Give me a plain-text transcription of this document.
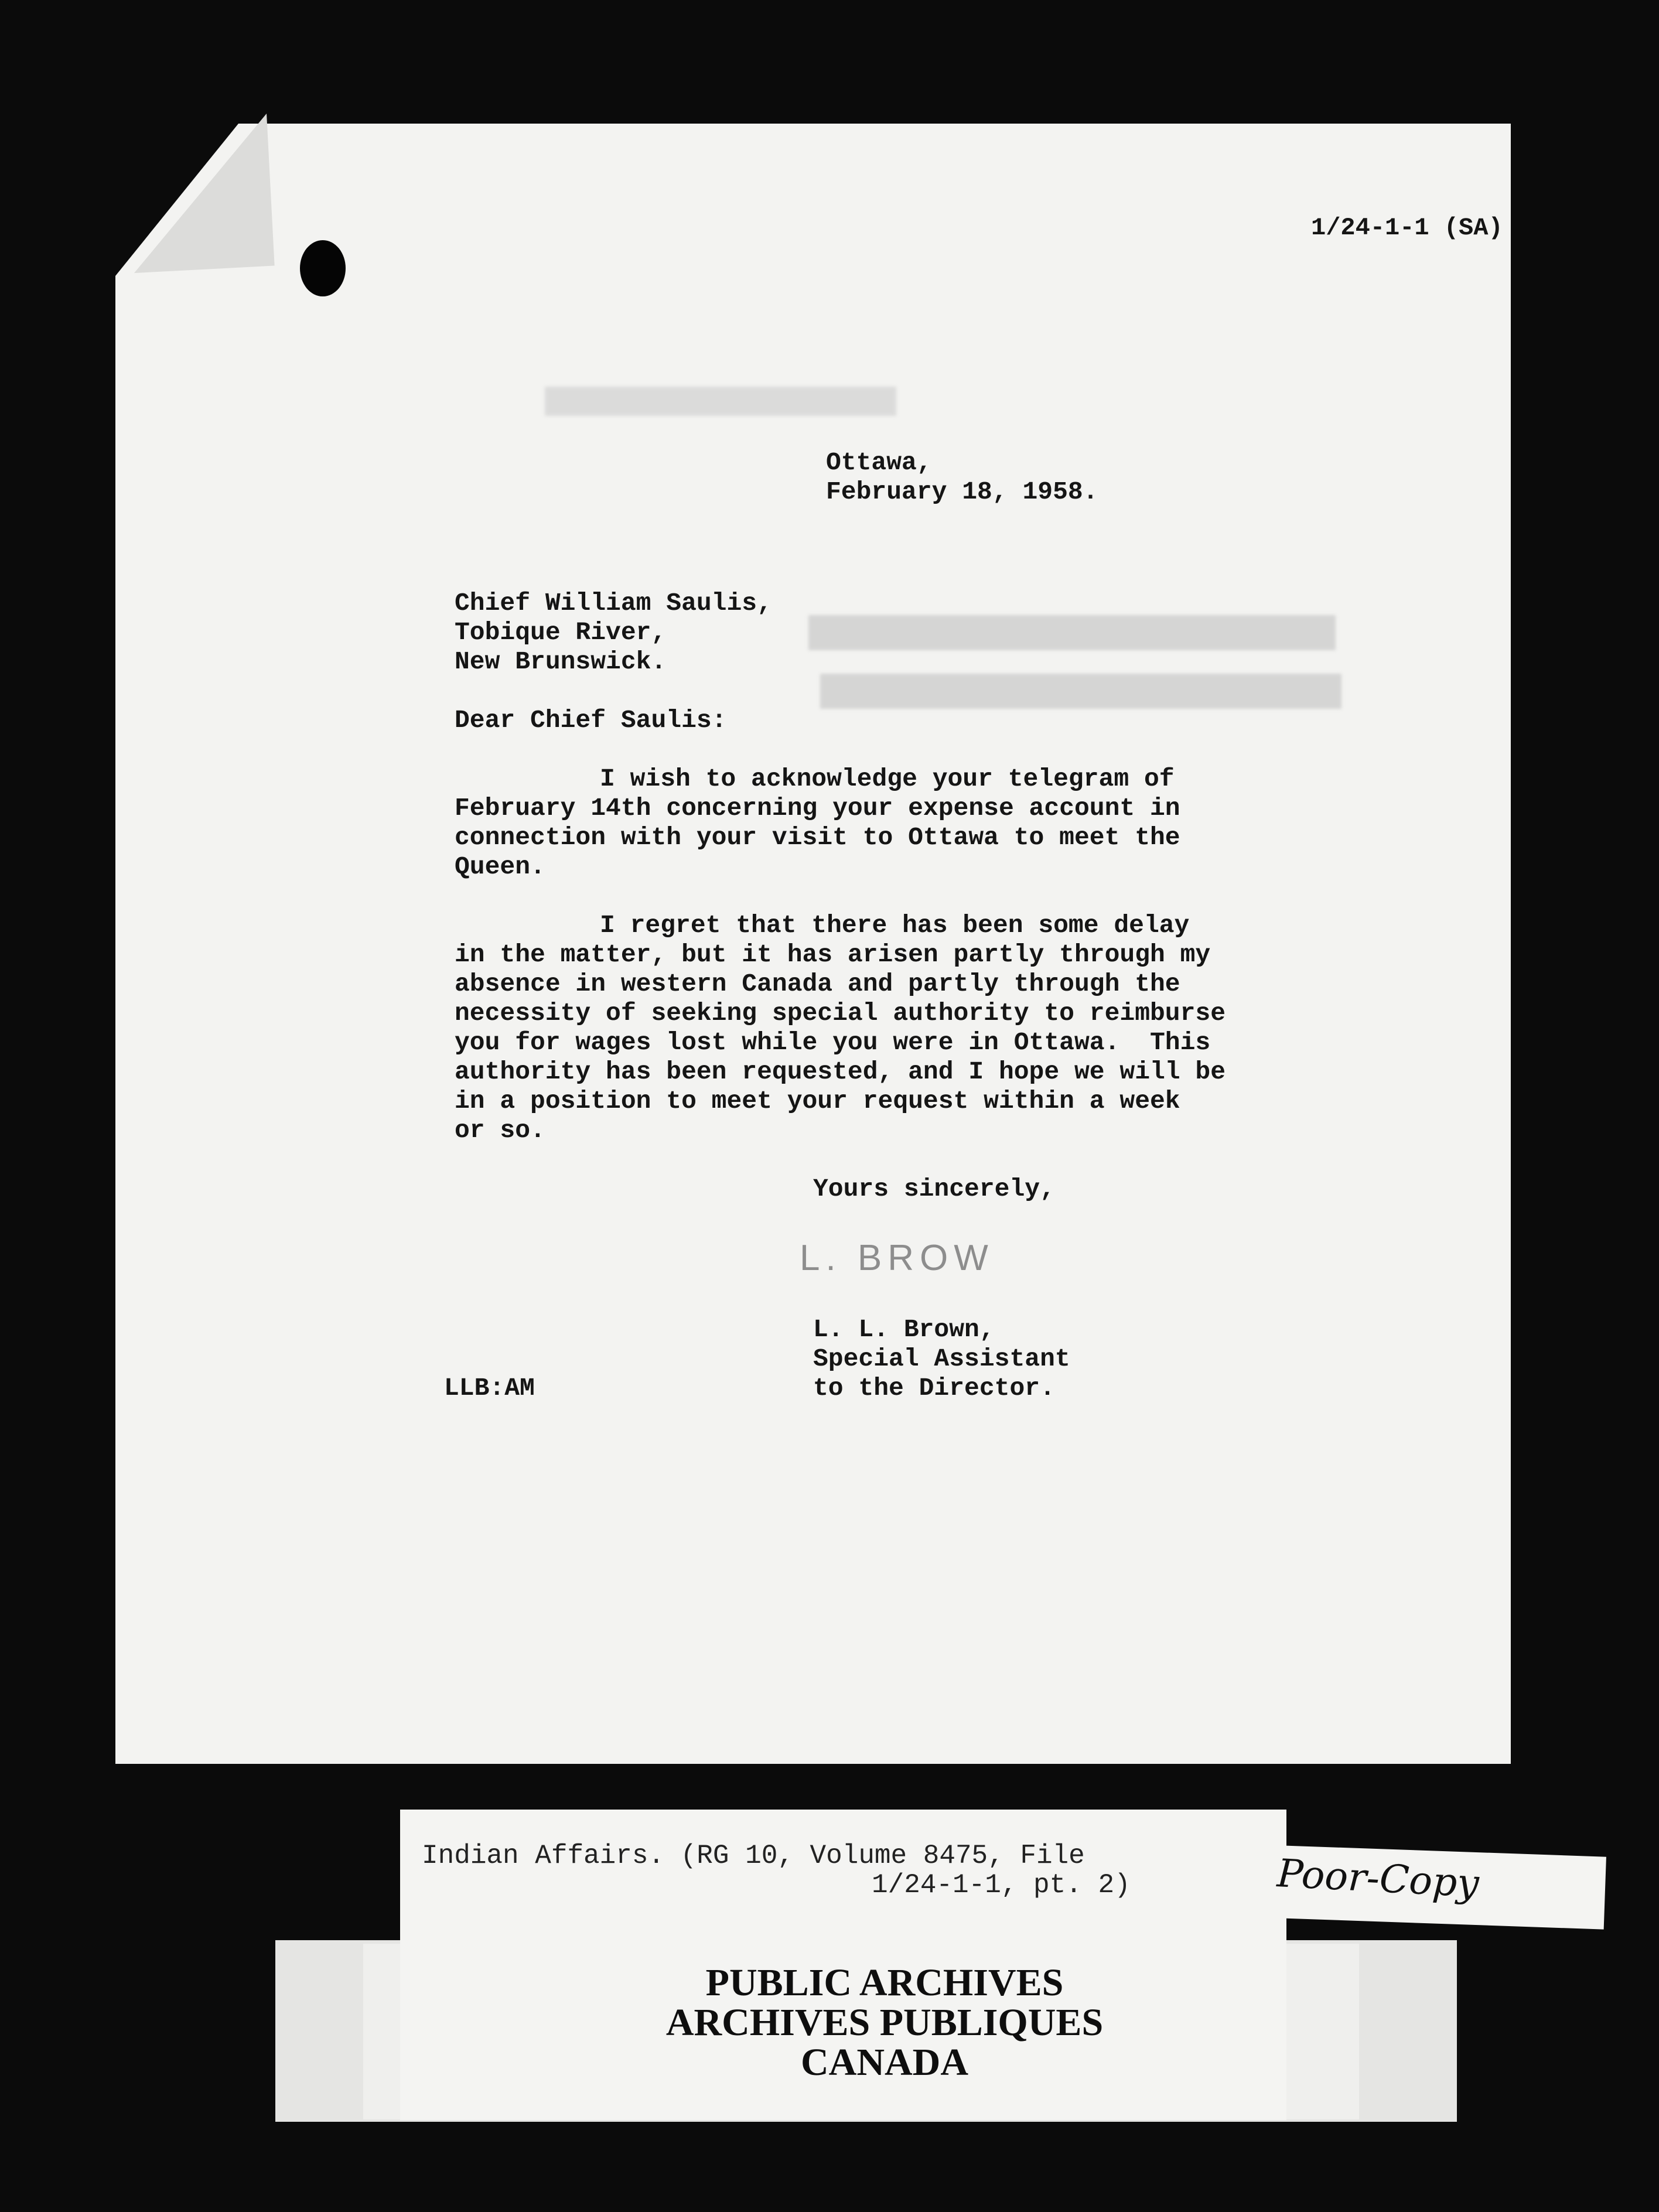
1/24-1-1 (SA)
Ottawa,
February 18, 1958.
Chief William Saulis,
Tobique River,
New Brunswick.
Dear Chief Saulis:
I wish to acknowledge your telegram of
February 14th concerning your expense account in
connection with your visit to Ottawa to meet the
Queen.
I regret that there has been some delay
in the matter, but it has arisen partly through my
absence in western Canada and partly through the
necessity of seeking special authority to reimburse
you for wages lost while you were in Ottawa.  This
authority has been requested, and I hope we will be
in a position to meet your request within a week
or so.
Yours sincerely,
L. BROW
L. L. Brown,
Special Assistant
to the Director.
LLB:AM
Indian Affairs. (RG 10, Volume 8475, File
1/24-1-1, pt. 2)
PUBLIC ARCHIVES
ARCHIVES PUBLIQUES
CANADA
Poor-Copy
